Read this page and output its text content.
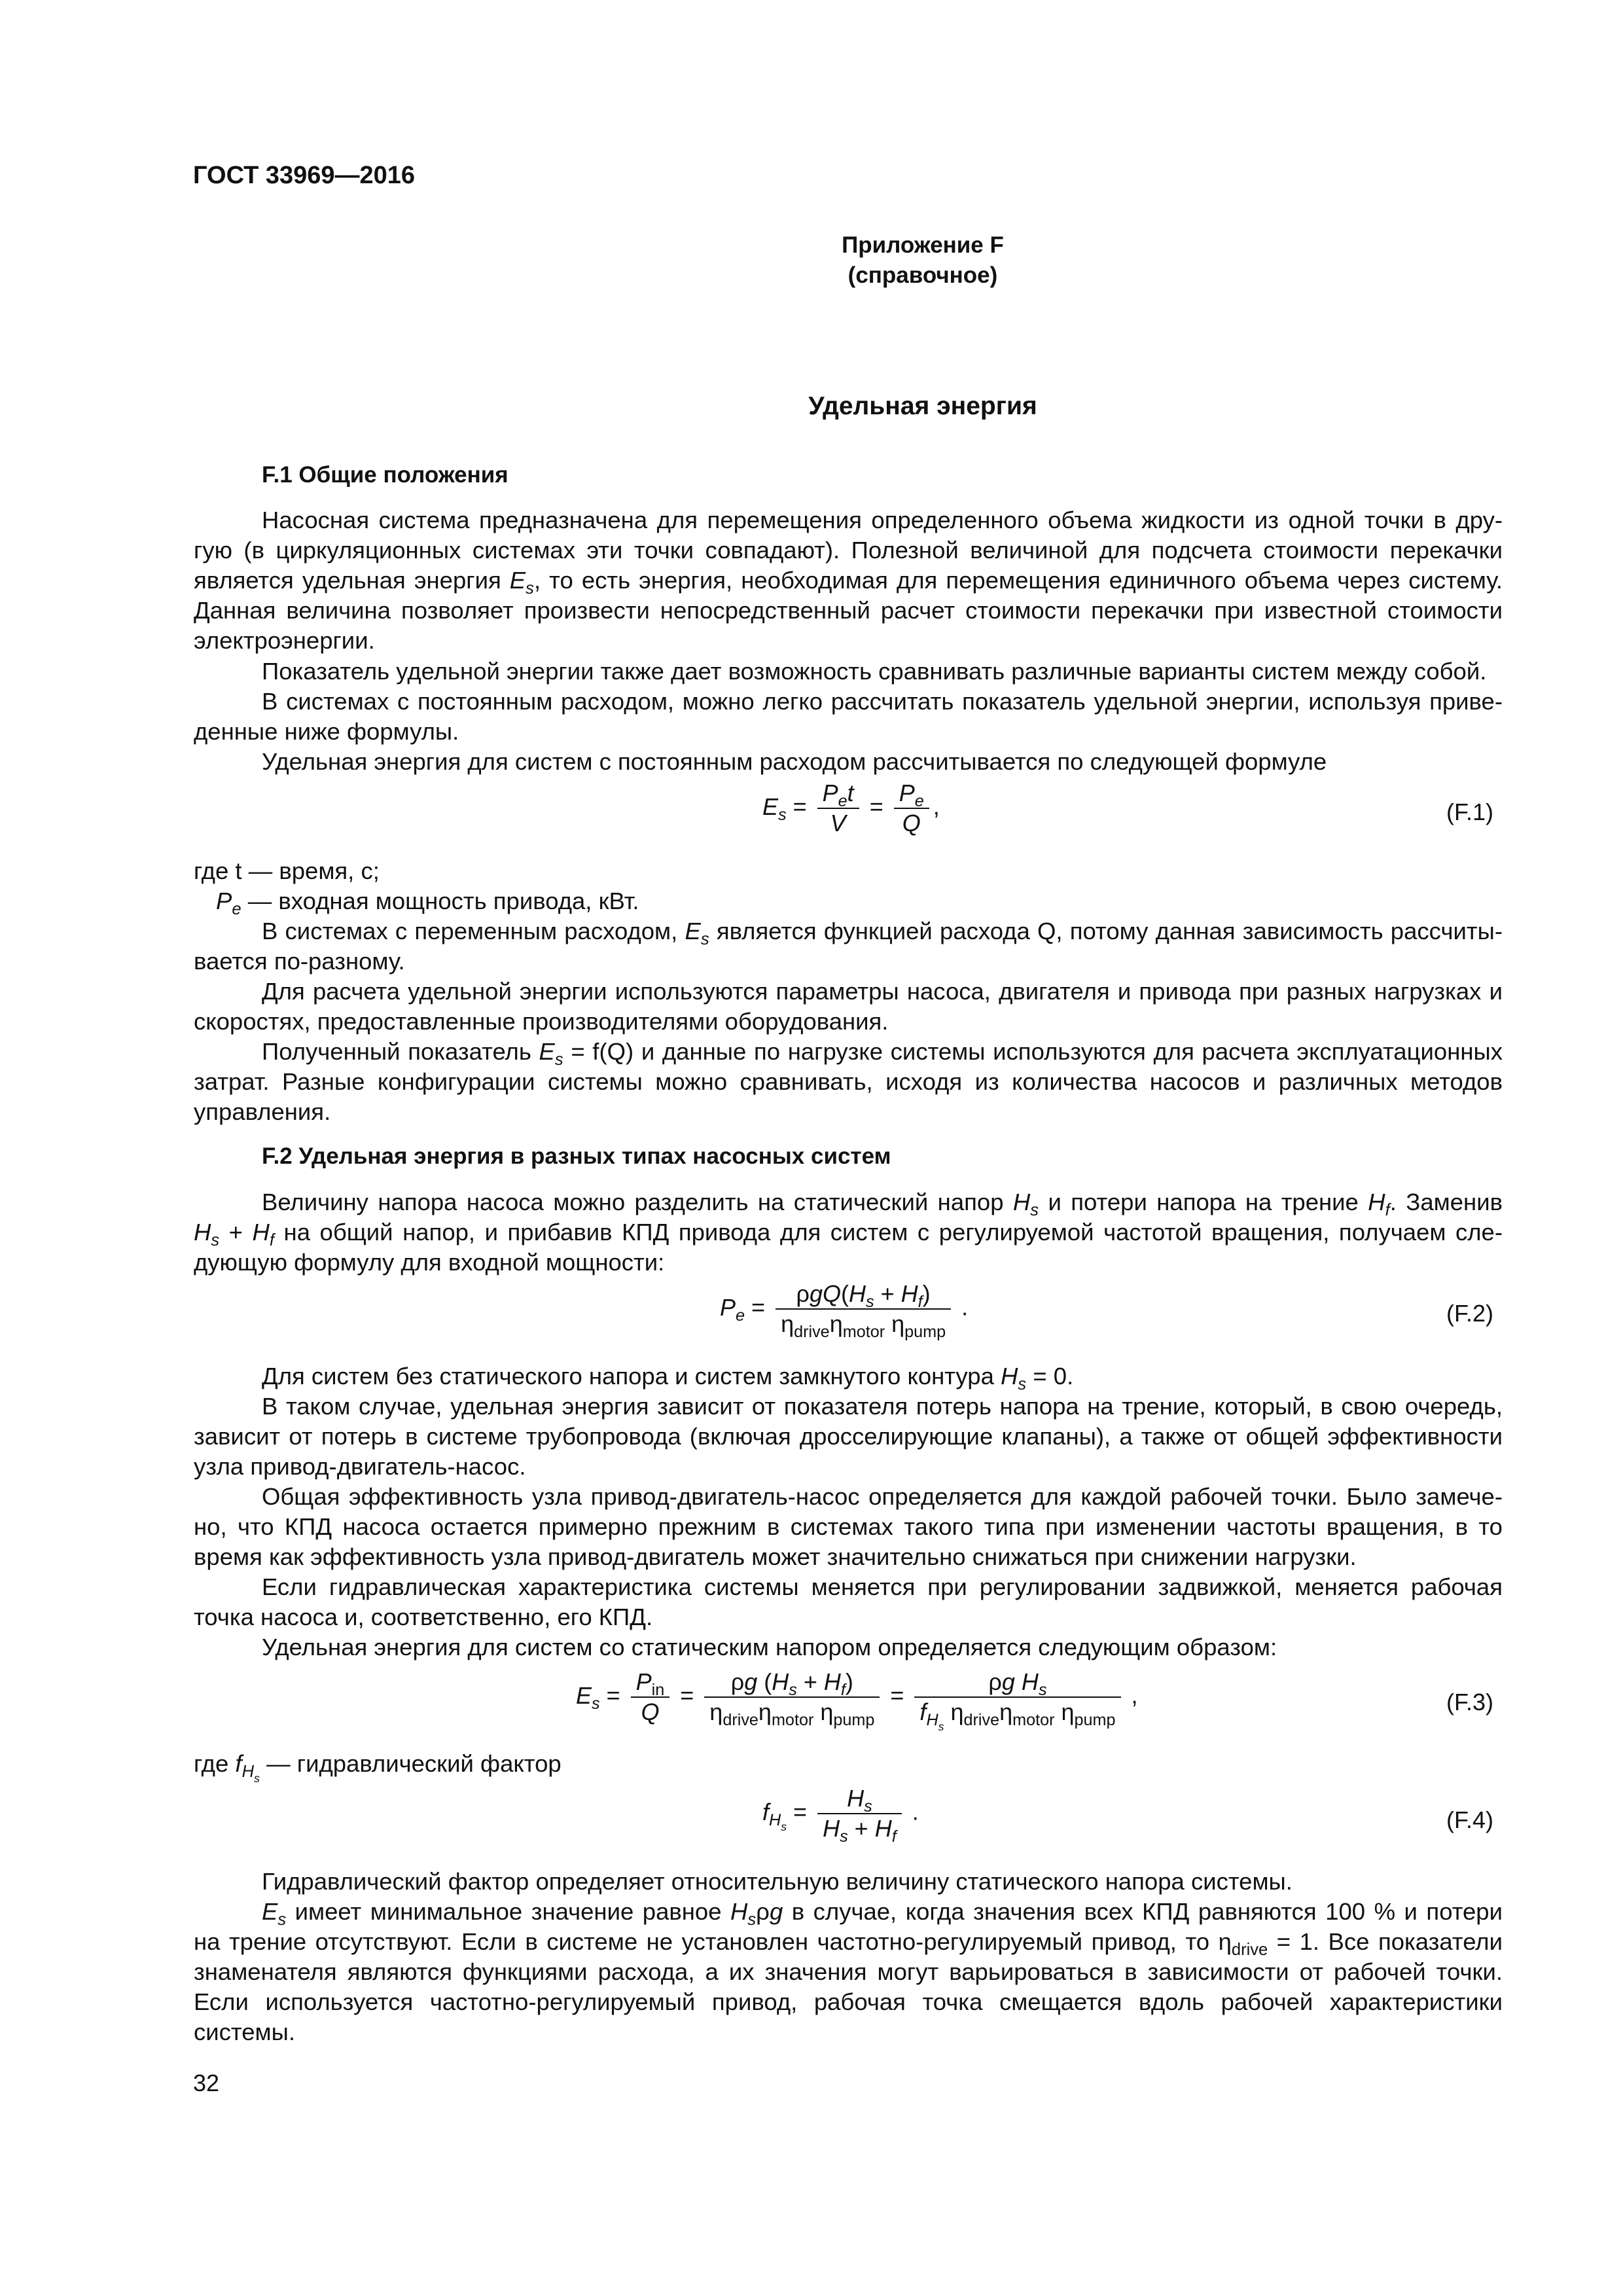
ГОСТ 33969—2016
Приложение F
(справочное)
Удельная энергия
F.1 Общие положения
Насосная система предназначена для перемещения определенного объема жидкости из одной точки в дру-
гую (в циркуляционных системах эти точки совпадают). Полезной величиной для подсчета стоимости перекачки
является удельная энергия $E_s$, то есть энергия, необходимая для перемещения единичного объема через систему.
Данная величина позволяет произвести непосредственный расчет стоимости перекачки при известной стоимости
электроэнергии.
Показатель удельной энергии также дает возможность сравнивать различные варианты систем между собой.
В системах с постоянным расходом, можно легко рассчитать показатель удельной энергии, используя приве-
денные ниже формулы.
Удельная энергия для систем с постоянным расходом рассчитывается по следующей формуле
$E_s = \frac{P_et}{V} = \frac{P_e}{Q}$ ,	(F.1)
где t — время, с;
$P_e$ — входная мощность привода, кВт.
В системах с переменным расходом, $E_s$ является функцией расхода Q, потому данная зависимость рассчиты-
вается по-разному.
Для расчета удельной энергии используются параметры насоса, двигателя и привода при разных нагрузках и
скоростях, предоставленные производителями оборудования.
Полученный показатель $E_s = f(Q)$ и данные по нагрузке системы используются для расчета эксплуатационных
затрат. Разные конфигурации системы можно сравнивать, исходя из количества насосов и различных методов
управления.
F.2 Удельная энергия в разных типах насосных систем
Величину напора насоса можно разделить на статический напор $H_s$ и потери напора на трение $H_f$. Заменив
$H_s + H_f$ на общий напор, и прибавив КПД привода для систем с регулируемой частотой вращения, получаем сле-
дующую формулу для входной мощности:
$P_e = \frac{\rho gQ(H_s + H_f)}{\eta_{drive}\eta_{motor} \eta_{pump}}$ .	(F.2)
Для систем без статического напора и систем замкнутого контура $H_s = 0$.
В таком случае, удельная энергия зависит от показателя потерь напора на трение, который, в свою очередь,
зависит от потерь в системе трубопровода (включая дросселирующие клапаны), а также от общей эффективности
узла привод-двигатель-насос.
Общая эффективность узла привод-двигатель-насос определяется для каждой рабочей точки. Было замече-
но, что КПД насоса остается примерно прежним в системах такого типа при изменении частоты вращения, в то
время как эффективность узла привод-двигатель может значительно снижаться при снижении нагрузки.
Если гидравлическая характеристика системы меняется при регулировании задвижкой, меняется рабочая
точка насоса и, соответственно, его КПД.
Удельная энергия для систем со статическим напором определяется следующим образом:
$E_s = \frac{P_{in}}{Q} = \frac{\rho g (H_s + H_f)}{\eta_{drive}\eta_{motor} \eta_{pump}} = \frac{\rho g H_s}{f_{H_s} \eta_{drive}\eta_{motor} \eta_{pump}}$ ,	(F.3)
где $f_{H_s}$ — гидравлический фактор
$f_{H_s} = \frac{H_s}{H_s + H_f}$ .	(F.4)
Гидравлический фактор определяет относительную величину статического напора системы.
$E_s$ имеет минимальное значение равное $H_s\rho g$ в случае, когда значения всех КПД равняются 100 % и потери
на трение отсутствуют. Если в системе не установлен частотно-регулируемый привод, то $\eta_{drive} = 1$. Все показатели
знаменателя являются функциями расхода, а их значения могут варьироваться в зависимости от рабочей точки.
Если используется частотно-регулируемый привод, рабочая точка смещается вдоль рабочей характеристики
системы.
32
